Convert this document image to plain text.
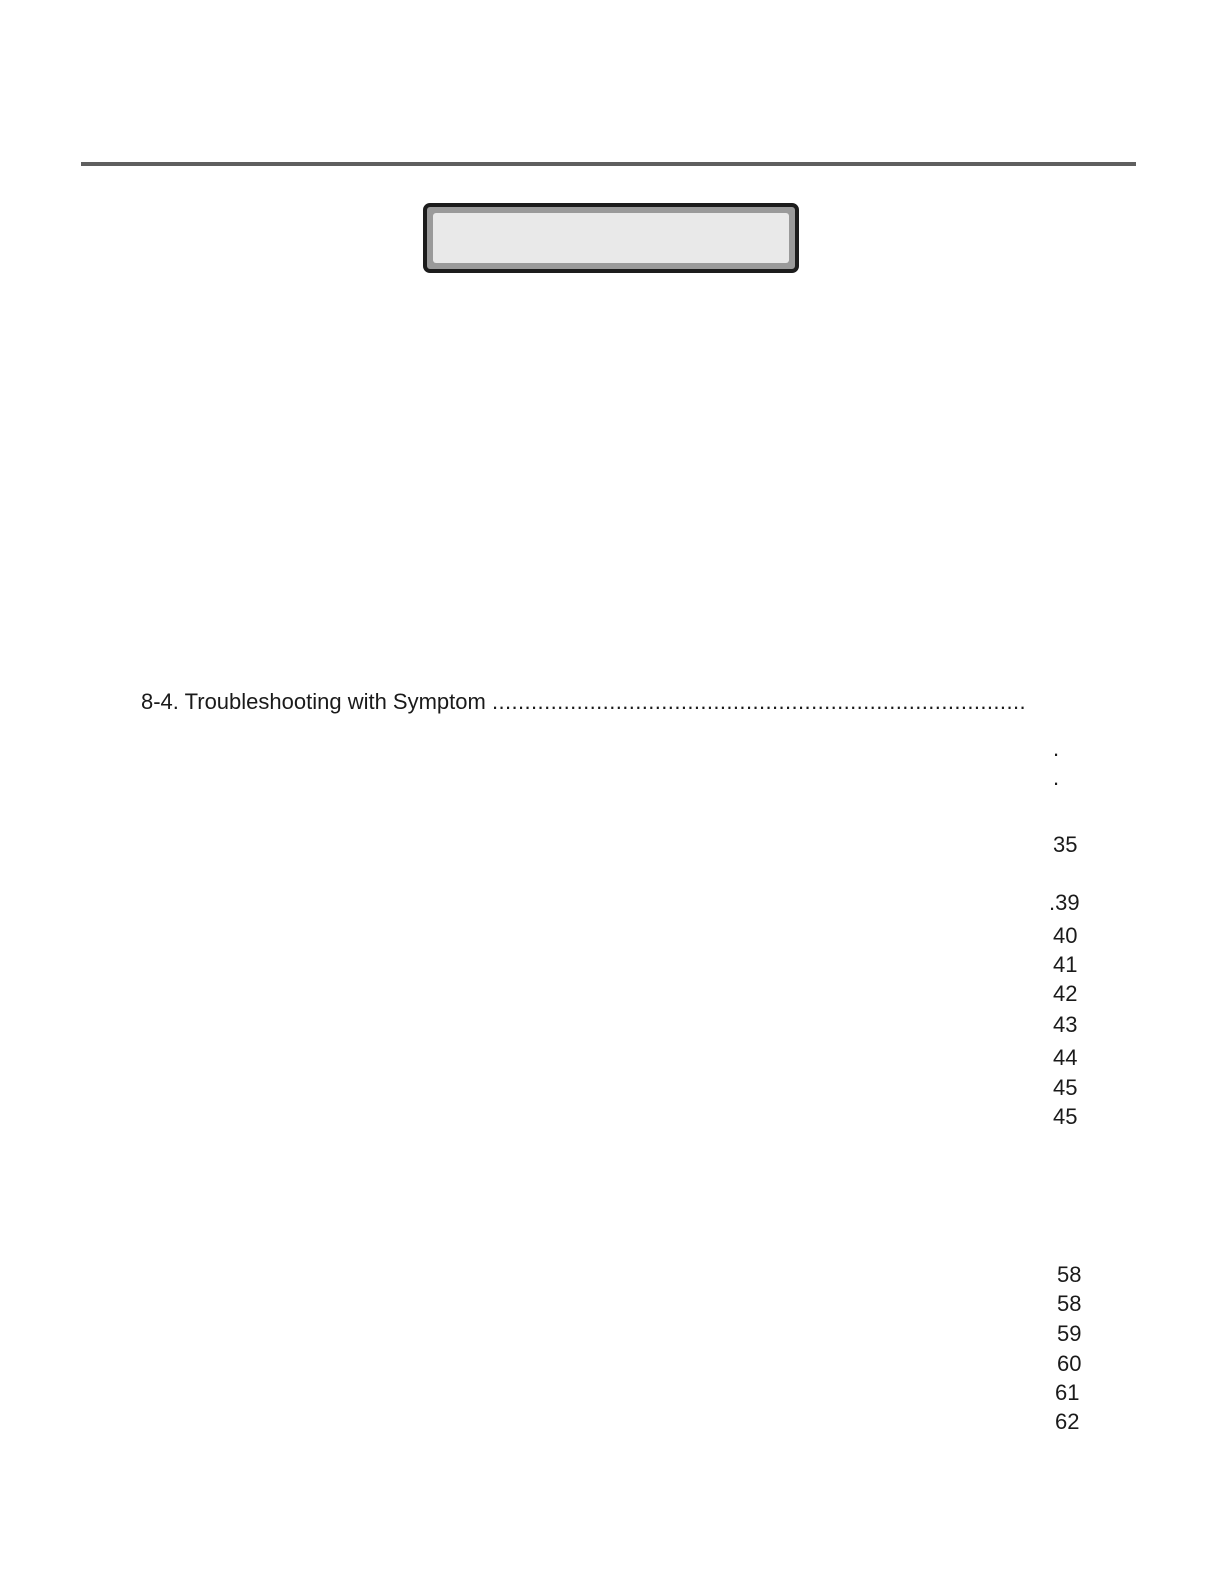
8-4. Troubleshooting with Symptom ..................................................................................
.
.
35
.39
40
41
42
43
44
45
45
58
58
59
60
61
62
